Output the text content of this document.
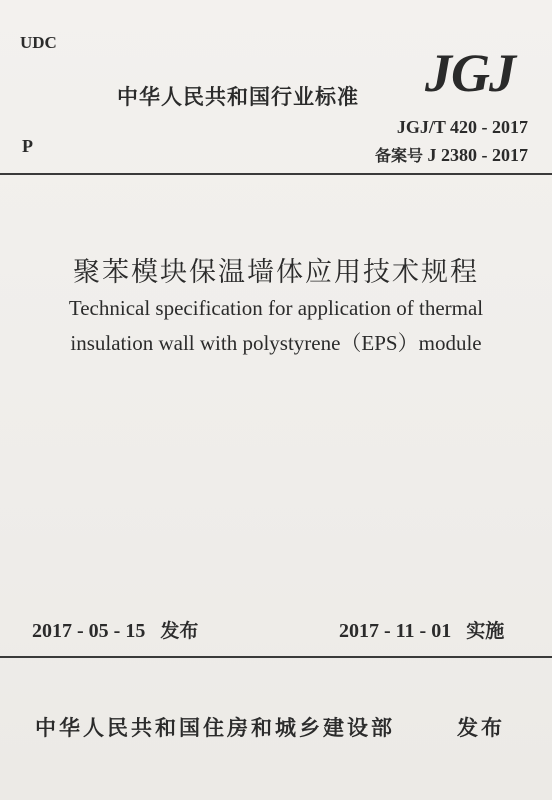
UDC
中华人民共和国行业标准 JGJ
P
JGJ/T 420 - 2017
备案号 J 2380 - 2017
聚苯模块保温墙体应用技术规程
Technical specification for application of thermal
insulation wall with polystyrene（EPS）module
2017 - 05 - 15 发布	2017 - 11 - 01 实施
中华人民共和国住房和城乡建设部	发布
